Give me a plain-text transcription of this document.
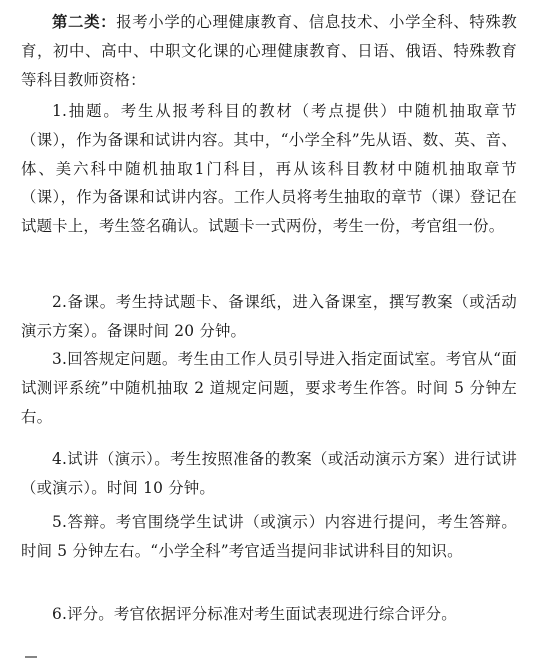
第二类：报考小学的心理健康教育、信息技术、小学全科、特殊教育，初中、高中、中职文化课的心理健康教育、日语、俄语、特殊教育等科目教师资格：

1.抽题。考生从报考科目的教材（考点提供）中随机抽取章节（课），作为备课和试讲内容。其中，“小学全科”先从语、数、英、音、体、美六科中随机抽取1门科目，再从该科目教材中随机抽取章节（课），作为备课和试讲内容。工作人员将考生抽取的章节（课）登记在试题卡上，考生签名确认。试题卡一式两份，考生一份，考官组一份。

2.备课。考生持试题卡、备课纸，进入备课室，撰写教案（或活动演示方案）。备课时间 20 分钟。

3.回答规定问题。考生由工作人员引导进入指定面试室。考官从“面试测评系统”中随机抽取 2 道规定问题，要求考生作答。时间 5 分钟左右。

4.试讲（演示）。考生按照准备的教案（或活动演示方案）进行试讲（或演示）。时间 10 分钟。

5.答辩。考官围绕学生试讲（或演示）内容进行提问，考生答辩。时间 5 分钟左右。“小学全科”考官适当提问非试讲科目的知识。

6.评分。考官依据评分标准对考生面试表现进行综合评分。
